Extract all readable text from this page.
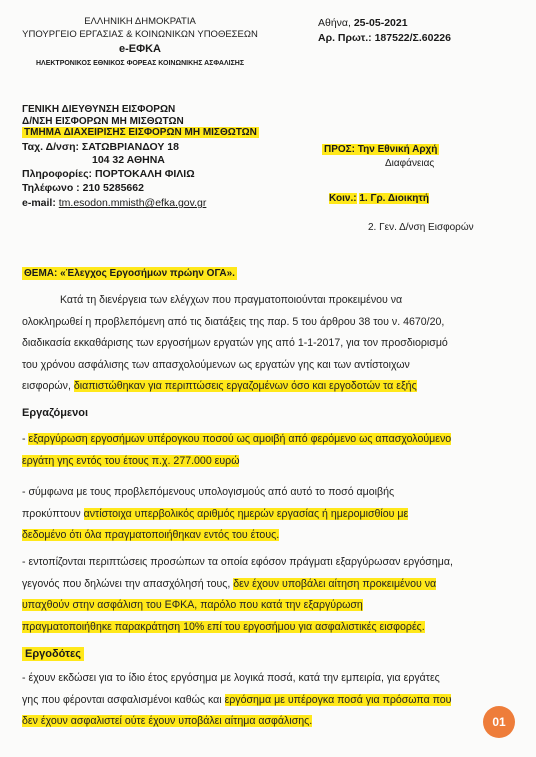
ΕΛΛΗΝΙΚΗ ΔΗΜΟΚΡΑΤΙΑ
ΥΠΟΥΡΓΕΙΟ ΕΡΓΑΣΙΑΣ & ΚΟΙΝΩΝΙΚΩΝ ΥΠΟΘΕΣΕΩΝ
e-ΕΦΚΑ
ΗΛΕΚΤΡΟΝΙΚΟΣ ΕΘΝΙΚΟΣ ΦΟΡΕΑΣ ΚΟΙΝΩΝΙΚΗΣ ΑΣΦΑΛΙΣΗΣ
ΓΕΝΙΚΗ ΔΙΕΥΘΥΝΣΗ ΕΙΣΦΟΡΩΝ
Δ/ΝΣΗ ΕΙΣΦΟΡΩΝ ΜΗ ΜΙΣΘΩΤΩΝ
ΤΜΗΜΑ ΔΙΑΧΕΙΡΙΣΗΣ ΕΙΣΦΟΡΩΝ ΜΗ ΜΙΣΘΩΤΩΝ
Ταχ. Δ/νση: ΣΑΤΩΒΡΙΑΝΔΟΥ 18
104 32 ΑΘΗΝΑ
Πληροφορίες: ΠΟΡΤΟΚΑΛΗ ΦΙΛΙΩ
Τηλέφωνο : 210 5285662
e-mail: tm.esodon.mmisth@efka.gov.gr
Αθήνα, 25-05-2021
Αρ. Πρωτ.: 187522/Σ.60226
ΠΡΟΣ: Την Εθνική Αρχή
Διαφάνειας
Κοιν.: 1. Γρ. Διοικητή
2. Γεν. Δ/νση Εισφορών
ΘΕΜΑ: «Έλεγχος Εργοσήμων πρώην ΟΓΑ».
Κατά τη διενέργεια των ελέγχων που πραγματοποιούνται προκειμένου να
ολοκληρωθεί η προβλεπόμενη από τις διατάξεις της παρ. 5 του άρθρου 38 του ν. 4670/20,
διαδικασία εκκαθάρισης των εργοσήμων εργατών γης από 1-1-2017, για τον προσδιορισμό
του χρόνου ασφάλισης των απασχολούμενων ως εργατών γης και των αντίστοιχων
εισφορών, διαπιστώθηκαν για περιπτώσεις εργαζομένων όσο και εργοδοτών τα εξής
Εργαζόμενοι
- εξαργύρωση εργοσήμων υπέρογκου ποσού ως αμοιβή από φερόμενο ως απασχολούμενο
εργάτη γης εντός του έτους π.χ. 277.000 ευρώ
- σύμφωνα με τους προβλεπόμενους υπολογισμούς από αυτό το ποσό αμοιβής
προκύπτουν αντίστοιχα υπερβολικός αριθμός ημερών εργασίας ή ημερομισθίου με
δεδομένο ότι όλα πραγματοποιήθηκαν εντός του έτους.
- εντοπίζονται περιπτώσεις προσώπων τα οποία εφόσον πράγματι εξαργύρωσαν εργόσημα,
γεγονός που δηλώνει την απασχόλησή τους, δεν έχουν υποβάλει αίτηση προκειμένου να
υπαχθούν στην ασφάλιση του ΕΦΚΑ, παρόλο που κατά την εξαργύρωση
πραγματοποιήθηκε παρακράτηση 10% επί του εργοσήμου για ασφαλιστικές εισφορές.
Εργοδότες
- έχουν εκδώσει για το ίδιο έτος εργόσημα με λογικά ποσά, κατά την εμπειρία, για εργάτες
γης που φέρονται ασφαλισμένοι καθώς και εργόσημα με υπέρογκα ποσά για πρόσωπα που
δεν έχουν ασφαλιστεί ούτε έχουν υποβάλει αίτημα ασφάλισης.	01
